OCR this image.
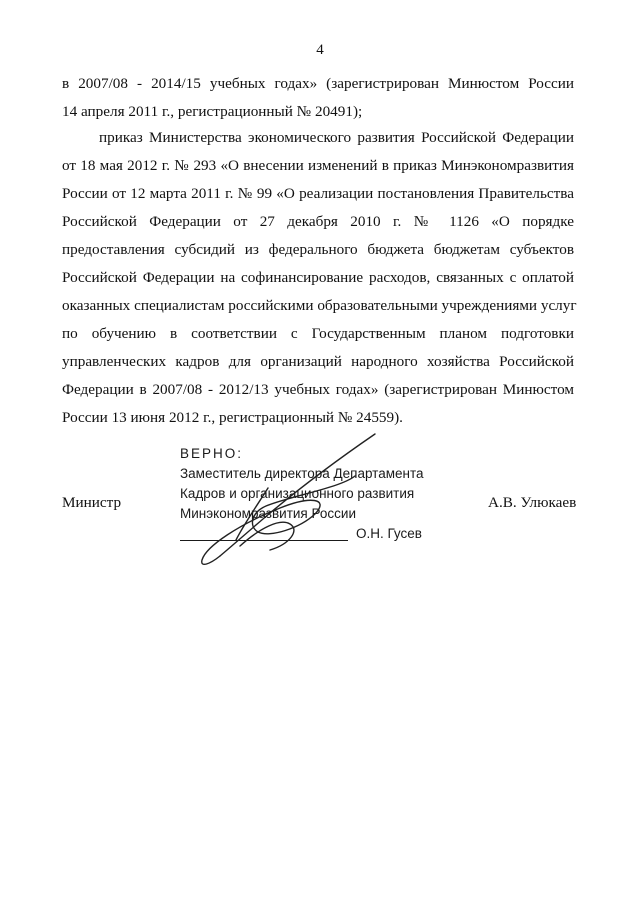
4
в 2007/08 - 2014/15 учебных годах» (зарегистрирован Минюстом России
14 апреля 2011 г., регистрационный № 20491);
приказ Министерства экономического развития Российской Федерации
от 18 мая 2012 г. № 293 «О внесении изменений в приказ Минэкономразвития
России от 12 марта 2011 г. № 99 «О реализации постановления Правительства
Российской Федерации от 27 декабря 2010 г. № 1126 «О порядке
предоставления субсидий из федерального бюджета бюджетам субъектов
Российской Федерации на софинансирование расходов, связанных с оплатой
оказанных специалистам российскими образовательными учреждениями услуг
по обучению в соответствии с Государственным планом подготовки
управленческих кадров для организаций народного хозяйства Российской
Федерации в 2007/08 - 2012/13 учебных годах» (зарегистрирован Минюстом
России 13 июня 2012 г., регистрационный № 24559).
Министр	А.В. Улюкаев
ВЕРНО:
Заместитель директора Департамента
Кадров и организационного развития
Минэкономразвития России
О.Н. Гусев
